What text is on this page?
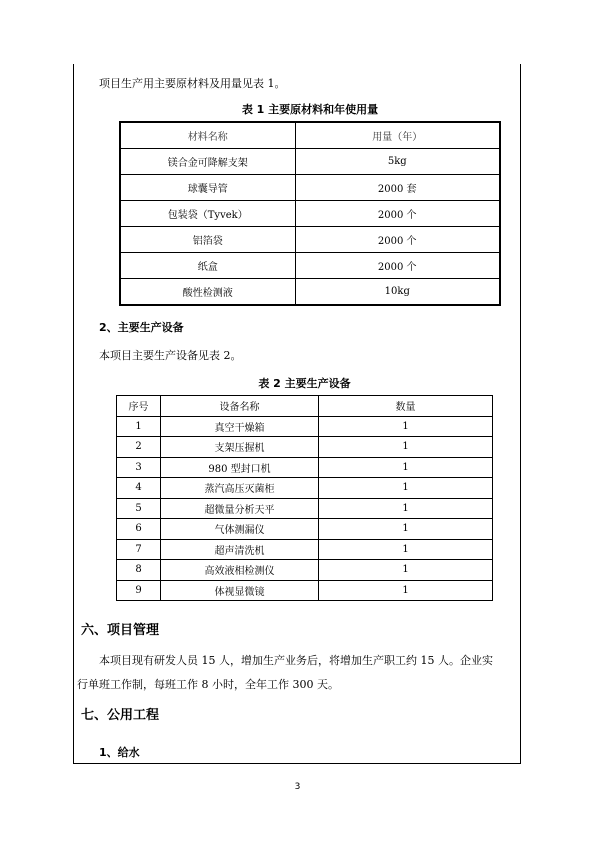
项目生产用主要原材料及用量见表 1。
表 1 主要原材料和年使用量
材料名称	用量（年）
镁合金可降解支架	5kg
球囊导管	2000 套
包装袋（Tyvek）	2000 个
铝箔袋	2000 个
纸盒	2000 个
酸性检测液	10kg
2、主要生产设备
本项目主要生产设备见表 2。
表 2 主要生产设备
序号	设备名称	数量
1	真空干燥箱	1
2	支架压握机	1
3	980 型封口机	1
4	蒸汽高压灭菌柜	1
5	超微量分析天平	1
6	气体测漏仪	1
7	超声清洗机	1
8	高效液相检测仪	1
9	体视显微镜	1
六、项目管理
本项目现有研发人员 15 人，增加生产业务后，将增加生产职工约 15 人。企业实
行单班工作制，每班工作 8 小时，全年工作 300 天。
七、公用工程
1、给水
3
